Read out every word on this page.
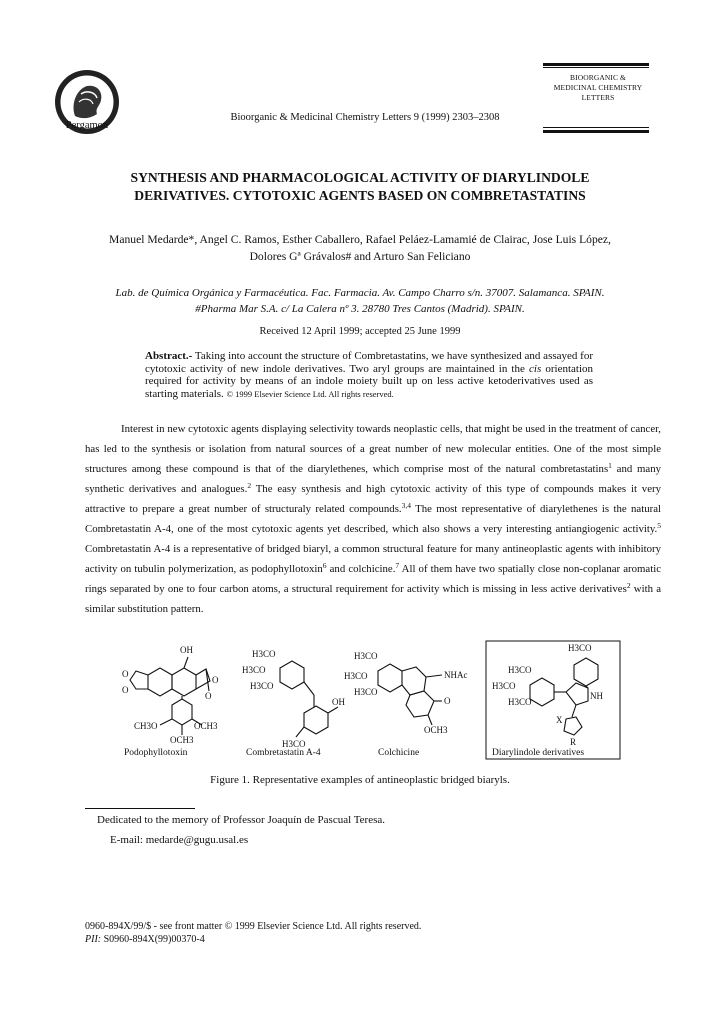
Pergamon
Bioorganic & Medicinal Chemistry Letters 9 (1999) 2303–2308
BIOORGANIC &
MEDICINAL CHEMISTRY
LETTERS
SYNTHESIS AND PHARMACOLOGICAL ACTIVITY OF DIARYLINDOLE
DERIVATIVES. CYTOTOXIC AGENTS BASED ON COMBRETASTATINS
Manuel Medarde*, Angel C. Ramos, Esther Caballero, Rafael Peláez-Lamamié de Clairac, Jose Luis López,
Dolores Gª Grávalos# and Arturo San Feliciano
Lab. de Química Orgánica y Farmacéutica. Fac. Farmacia. Av. Campo Charro s/n. 37007. Salamanca. SPAIN.
#Pharma Mar S.A. c/ La Calera nº 3. 28780 Tres Cantos (Madrid). SPAIN.
Received 12 April 1999; accepted 25 June 1999
Abstract.- Taking into account the structure of Combretastatins, we have synthesized and assayed for cytotoxic activity of new indole derivatives. Two aryl groups are maintained in the cis orientation required for activity by means of an indole moiety built up on less active ketoderivatives used as starting materials. © 1999 Elsevier Science Ltd. All rights reserved.

Interest in new cytotoxic agents displaying selectivity towards neoplastic cells, that might be used in the treatment of cancer, has led to the synthesis or isolation from natural sources of a great number of new molecular entities. One of the most simple structures among these compound is that of the diarylethenes, which comprise most of the natural combretastatins$^1$ and many synthetic derivatives and analogues.$^2$ The easy synthesis and high cytotoxic activity of this type of compounds makes it very attractive to prepare a great number of structuraly related compounds.$^{3,4}$ The most representative of diarylethenes is the natural Combretastatin A-4, one of the most cytotoxic agents yet described, which also shows a very interesting antiangiogenic activity.$^5$ Combretastatin A-4 is a representative of bridged biaryl, a common structural feature for many antineoplastic agents with inhibitory activity on tubulin polymerization, as podophyllotoxin$^6$ and colchicine.$^7$ All of them have two spatially close non-coplanar aromatic rings separated by one to four carbon atoms, a structural requirement for activity which is missing in less active derivatives$^2$ with a similar substitution pattern.

OH
O
O
O
O
CH3O	OCH3
OCH3
H3CO
H3CO
H3CO
OH
H3CO
H3CO
H3CO
H3CO
NHAc
O
OCH3
H3CO
H3CO
H3CO
H3CO
NH
X
R
Podophyllotoxin	Combretastatin A-4	Colchicine	Diarylindole derivatives
Figure 1. Representative examples of antineoplastic bridged biaryls.
Dedicated to the memory of Professor Joaquín de Pascual Teresa.
E-mail: medarde@gugu.usal.es
0960-894X/99/$ - see front matter © 1999 Elsevier Science Ltd. All rights reserved.
PII: S0960-894X(99)00370-4
